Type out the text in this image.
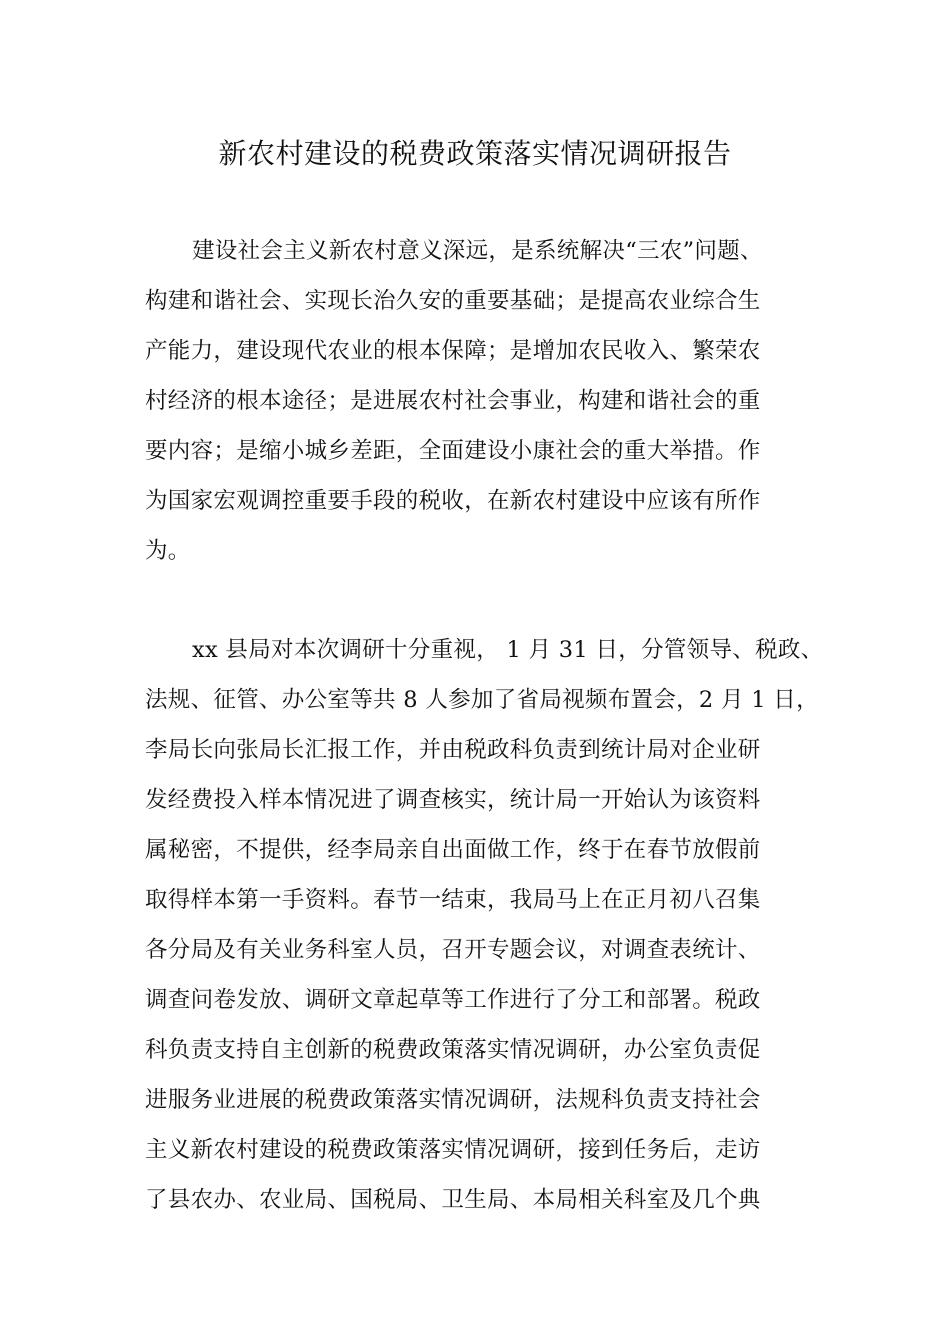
新农村建设的税费政策落实情况调研报告
建设社会主义新农村意义深远，是系统解决“三农”问题、
构建和谐社会、实现长治久安的重要基础；是提高农业综合生
产能力，建设现代农业的根本保障；是增加农民收入、繁荣农
村经济的根本途径；是进展农村社会事业，构建和谐社会的重
要内容；是缩小城乡差距，全面建设小康社会的重大举措。作
为国家宏观调控重要手段的税收，在新农村建设中应该有所作
为。
xx 县局对本次调研十分重视， 1 月 31 日，分管领导、税政、
法规、征管、办公室等共 8 人参加了省局视频布置会，2 月 1 日，
李局长向张局长汇报工作，并由税政科负责到统计局对企业研
发经费投入样本情况进了调查核实，统计局一开始认为该资料
属秘密，不提供，经李局亲自出面做工作，终于在春节放假前
取得样本第一手资料。春节一结束，我局马上在正月初八召集
各分局及有关业务科室人员，召开专题会议，对调查表统计、
调查问卷发放、调研文章起草等工作进行了分工和部署。税政
科负责支持自主创新的税费政策落实情况调研，办公室负责促
进服务业进展的税费政策落实情况调研，法规科负责支持社会
主义新农村建设的税费政策落实情况调研，接到任务后，走访
了县农办、农业局、国税局、卫生局、本局相关科室及几个典
